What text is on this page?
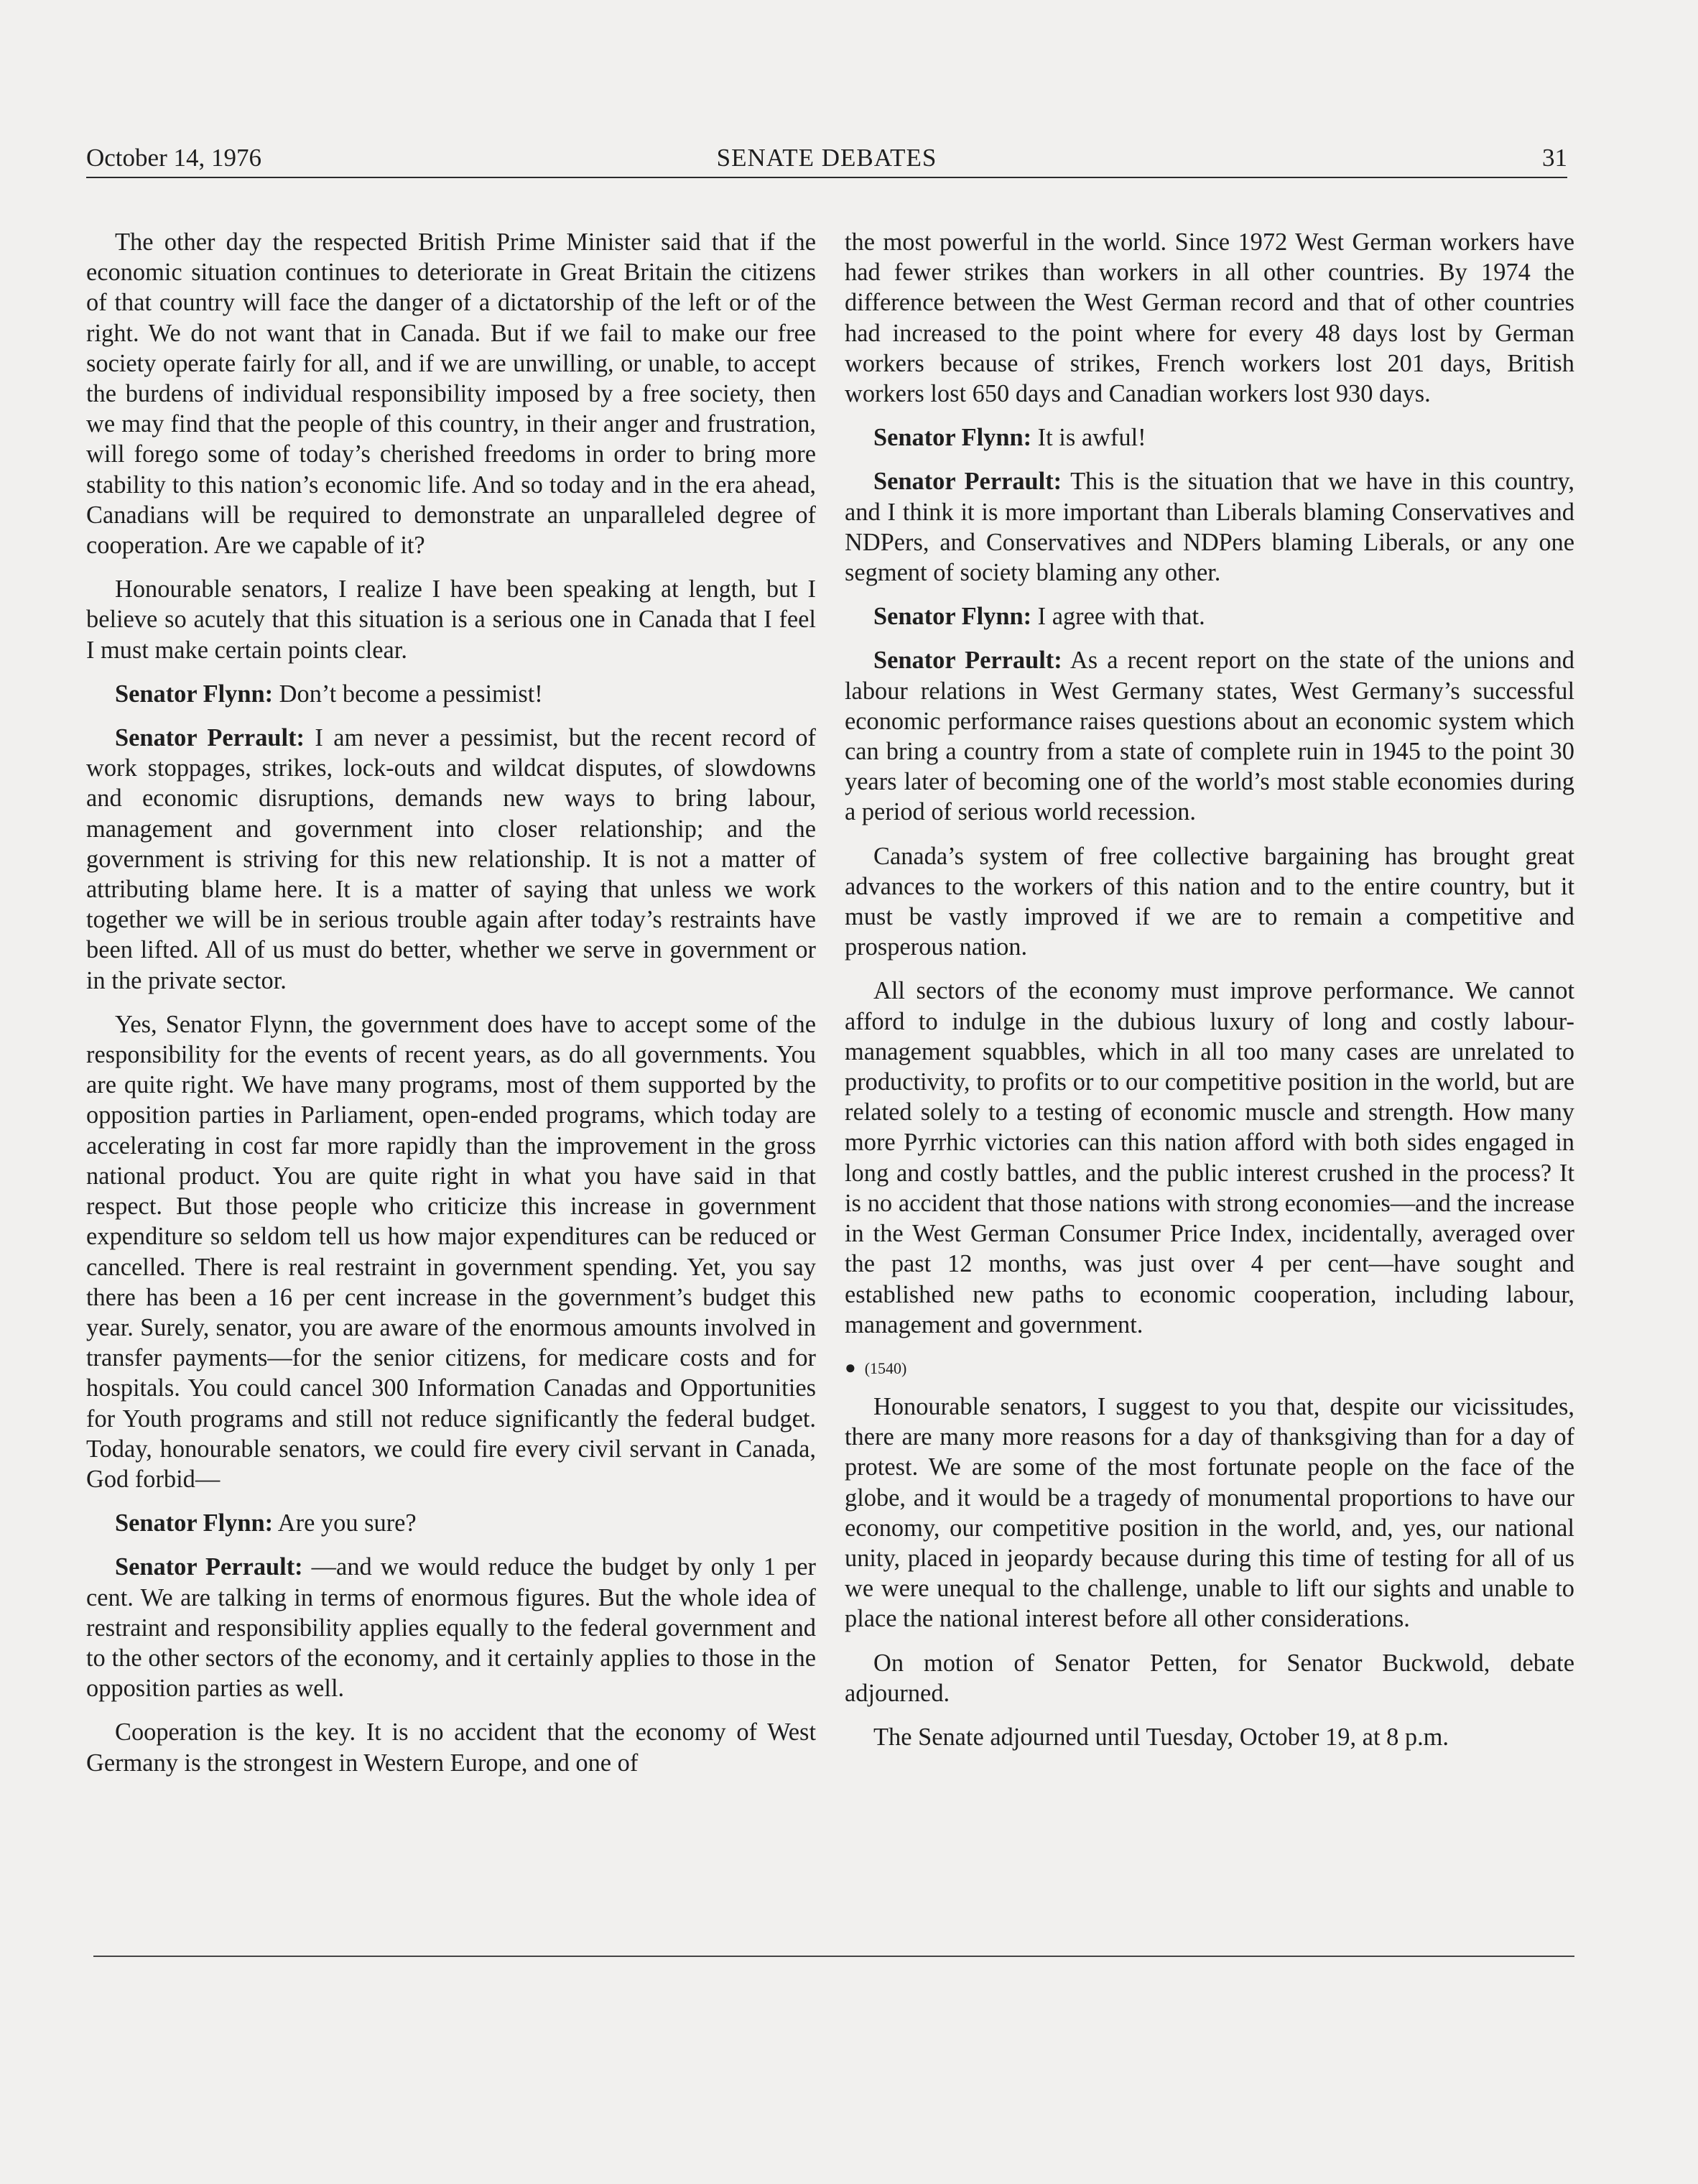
October 14, 1976	SENATE DEBATES	31

The other day the respected British Prime Minister said that if the economic situation continues to deteriorate in Great Britain the citizens of that country will face the danger of a dictatorship of the left or of the right. We do not want that in Canada. But if we fail to make our free society operate fairly for all, and if we are unwilling, or unable, to accept the burdens of individual responsibility imposed by a free society, then we may find that the people of this country, in their anger and frustration, will forego some of today’s cherished freedoms in order to bring more stability to this nation’s economic life. And so today and in the era ahead, Canadians will be required to demonstrate an unparalleled degree of cooperation. Are we capable of it?

Honourable senators, I realize I have been speaking at length, but I believe so acutely that this situation is a serious one in Canada that I feel I must make certain points clear.

Senator Flynn: Don’t become a pessimist!

Senator Perrault: I am never a pessimist, but the recent record of work stoppages, strikes, lock-outs and wildcat disputes, of slowdowns and economic disruptions, demands new ways to bring labour, management and government into closer relationship; and the government is striving for this new relationship. It is not a matter of attributing blame here. It is a matter of saying that unless we work together we will be in serious trouble again after today’s restraints have been lifted. All of us must do better, whether we serve in government or in the private sector.

Yes, Senator Flynn, the government does have to accept some of the responsibility for the events of recent years, as do all governments. You are quite right. We have many programs, most of them supported by the opposition parties in Parliament, open-ended programs, which today are accelerating in cost far more rapidly than the improvement in the gross national product. You are quite right in what you have said in that respect. But those people who criticize this increase in government expenditure so seldom tell us how major expenditures can be reduced or cancelled. There is real restraint in government spending. Yet, you say there has been a 16 per cent increase in the government’s budget this year. Surely, senator, you are aware of the enormous amounts involved in transfer payments—for the senior citizens, for medicare costs and for hospitals. You could cancel 300 Information Canadas and Opportunities for Youth programs and still not reduce significantly the federal budget. Today, honourable senators, we could fire every civil servant in Canada, God forbid—

Senator Flynn: Are you sure?

Senator Perrault: —and we would reduce the budget by only 1 per cent. We are talking in terms of enormous figures. But the whole idea of restraint and responsibility applies equally to the federal government and to the other sectors of the economy, and it certainly applies to those in the opposition parties as well.

Cooperation is the key. It is no accident that the economy of West Germany is the strongest in Western Europe, and one of

the most powerful in the world. Since 1972 West German workers have had fewer strikes than workers in all other countries. By 1974 the difference between the West German record and that of other countries had increased to the point where for every 48 days lost by German workers because of strikes, French workers lost 201 days, British workers lost 650 days and Canadian workers lost 930 days.

Senator Flynn: It is awful!

Senator Perrault: This is the situation that we have in this country, and I think it is more important than Liberals blaming Conservatives and NDPers, and Conservatives and NDPers blaming Liberals, or any one segment of society blaming any other.

Senator Flynn: I agree with that.

Senator Perrault: As a recent report on the state of the unions and labour relations in West Germany states, West Germany’s successful economic performance raises questions about an economic system which can bring a country from a state of complete ruin in 1945 to the point 30 years later of becoming one of the world’s most stable economies during a period of serious world recession.

Canada’s system of free collective bargaining has brought great advances to the workers of this nation and to the entire country, but it must be vastly improved if we are to remain a competitive and prosperous nation.

All sectors of the economy must improve performance. We cannot afford to indulge in the dubious luxury of long and costly labour-management squabbles, which in all too many cases are unrelated to productivity, to profits or to our competitive position in the world, but are related solely to a testing of economic muscle and strength. How many more Pyrrhic victories can this nation afford with both sides engaged in long and costly battles, and the public interest crushed in the process? It is no accident that those nations with strong economies—and the increase in the West German Consumer Price Index, incidentally, averaged over the past 12 months, was just over 4 per cent—have sought and established new paths to economic cooperation, including labour, management and government.

● (1540)

Honourable senators, I suggest to you that, despite our vicissitudes, there are many more reasons for a day of thanksgiving than for a day of protest. We are some of the most fortunate people on the face of the globe, and it would be a tragedy of monumental proportions to have our economy, our competitive position in the world, and, yes, our national unity, placed in jeopardy because during this time of testing for all of us we were unequal to the challenge, unable to lift our sights and unable to place the national interest before all other considerations.

On motion of Senator Petten, for Senator Buckwold, debate adjourned.

The Senate adjourned until Tuesday, October 19, at 8 p.m.
